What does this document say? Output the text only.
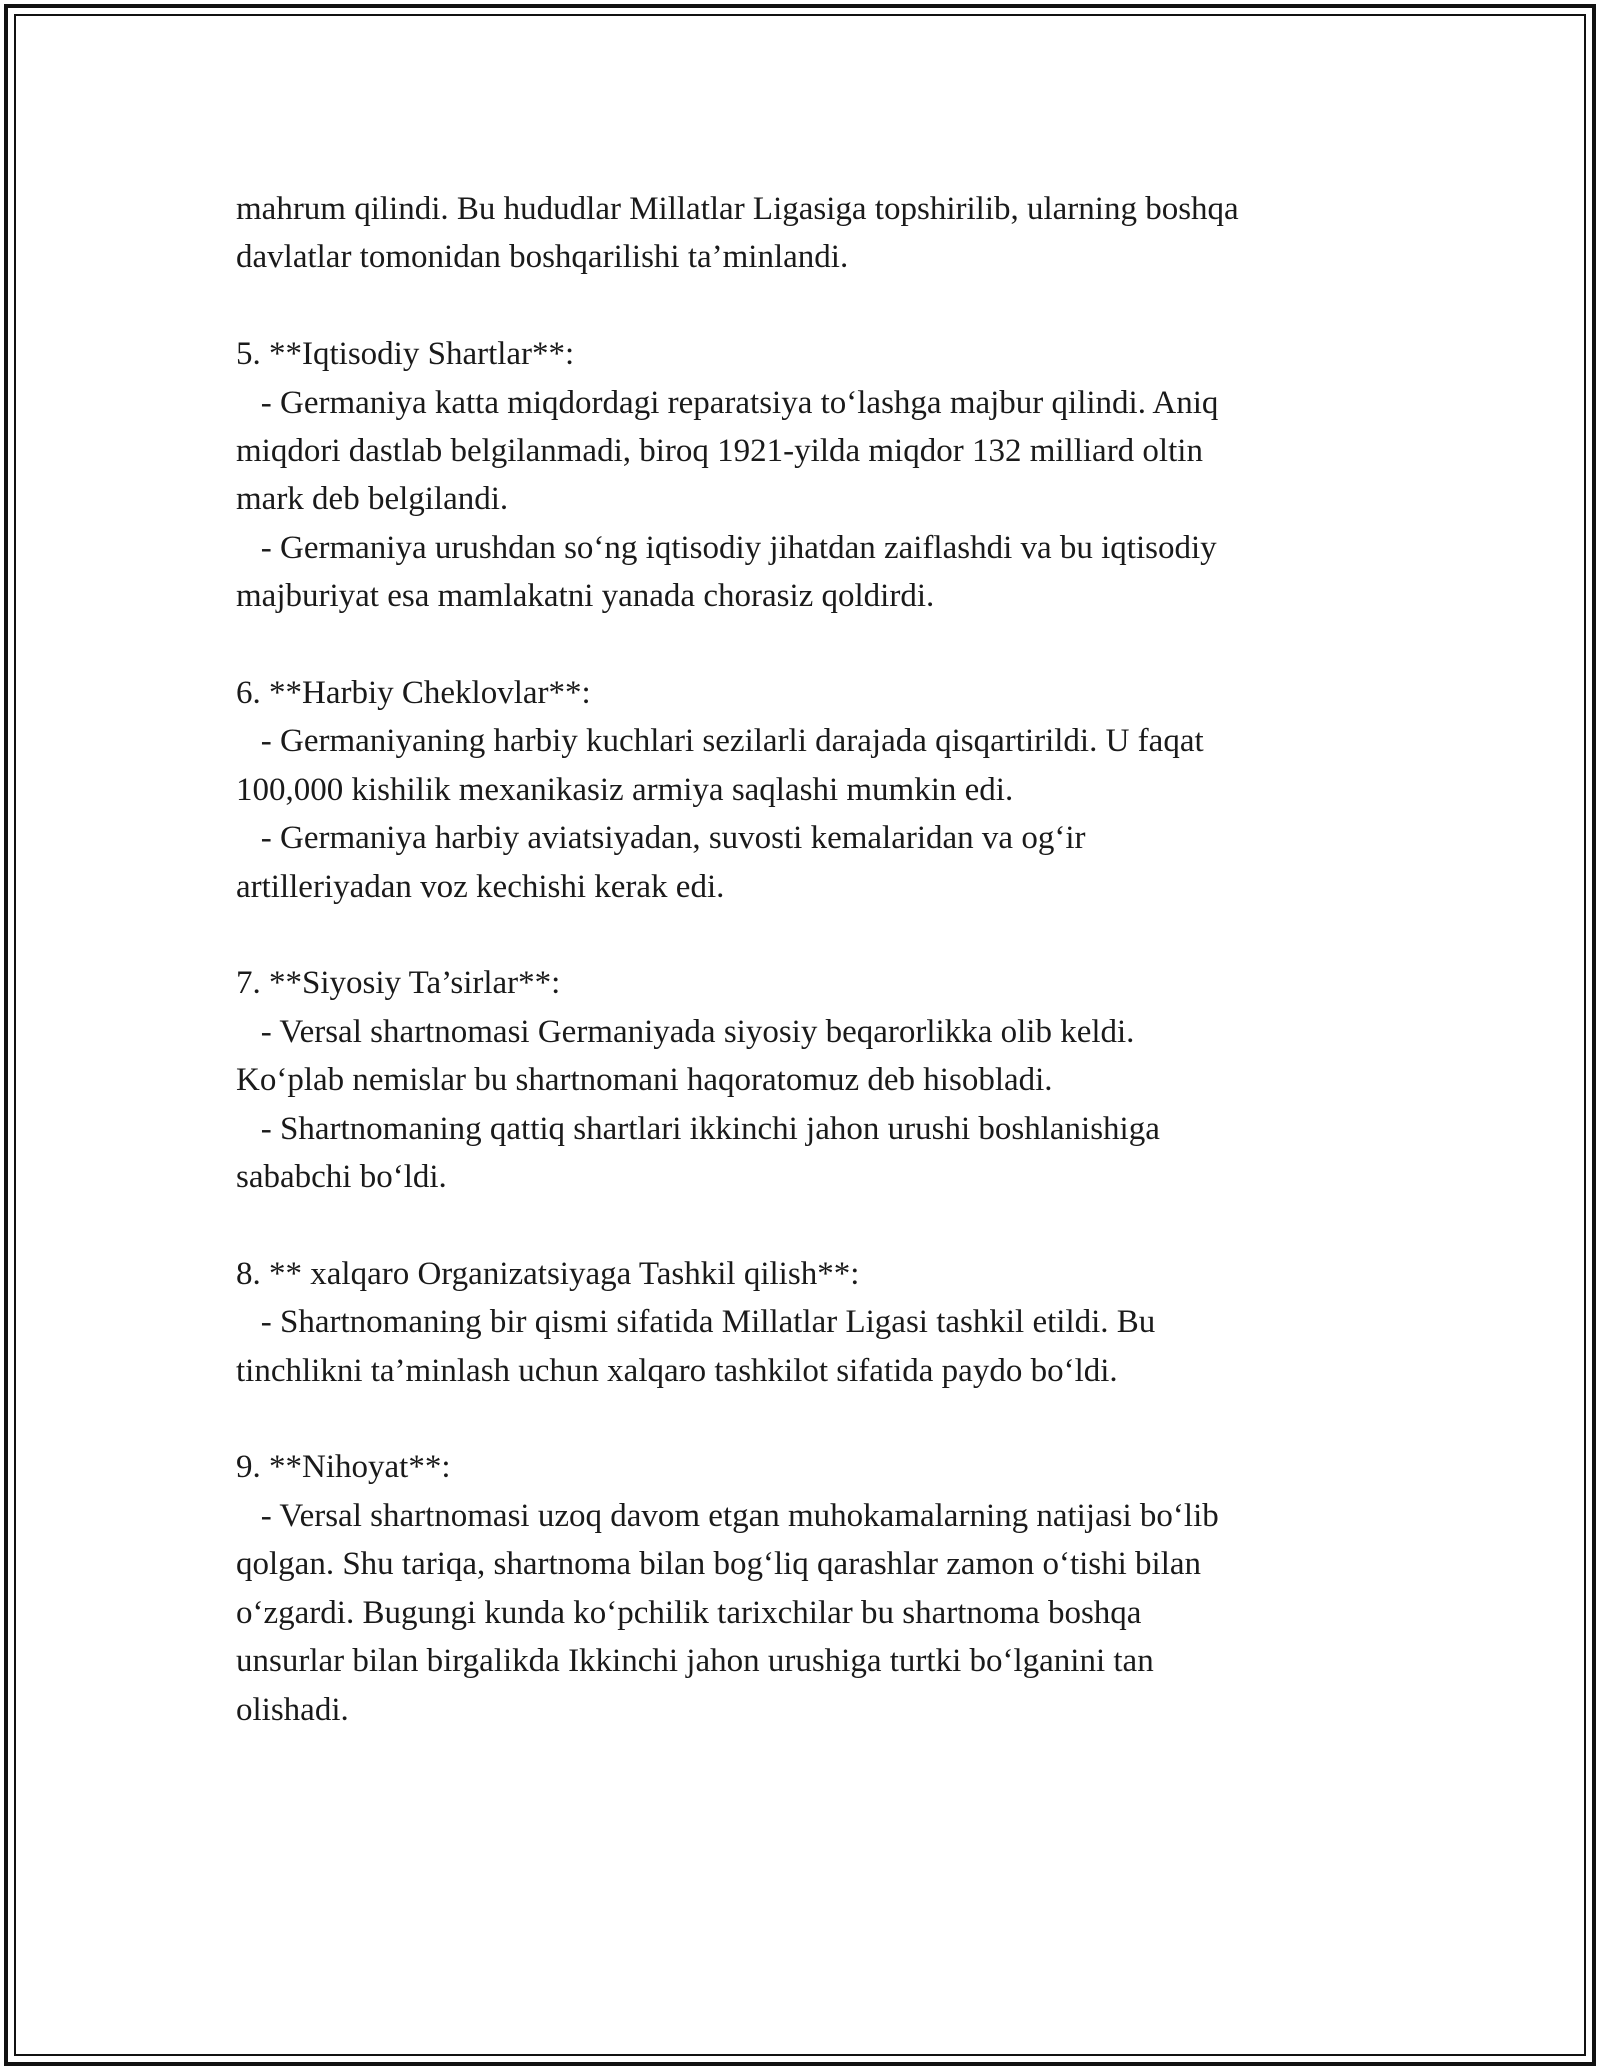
mahrum qilindi. Bu hududlar Millatlar Ligasiga topshirilib, ularning boshqa

davlatlar tomonidan boshqarilishi ta’minlandi.

5. **Iqtisodiy Shartlar**:

- Germaniya katta miqdordagi reparatsiya to‘lashga majbur qilindi. Aniq

miqdori dastlab belgilanmadi, biroq 1921-yilda miqdor 132 milliard oltin

mark deb belgilandi.

- Germaniya urushdan so‘ng iqtisodiy jihatdan zaiflashdi va bu iqtisodiy

majburiyat esa mamlakatni yanada chorasiz qoldirdi.

6. **Harbiy Cheklovlar**:

- Germaniyaning harbiy kuchlari sezilarli darajada qisqartirildi. U faqat

100,000 kishilik mexanikasiz armiya saqlashi mumkin edi.

- Germaniya harbiy aviatsiyadan, suvosti kemalaridan va og‘ir

artilleriyadan voz kechishi kerak edi.

7. **Siyosiy Ta’sirlar**:

- Versal shartnomasi Germaniyada siyosiy beqarorlikka olib keldi.

Ko‘plab nemislar bu shartnomani haqoratomuz deb hisobladi.

- Shartnomaning qattiq shartlari ikkinchi jahon urushi boshlanishiga

sababchi bo‘ldi.

8. ** xalqaro Organizatsiyaga Tashkil qilish**:

- Shartnomaning bir qismi sifatida Millatlar Ligasi tashkil etildi. Bu

tinchlikni ta’minlash uchun xalqaro tashkilot sifatida paydo bo‘ldi.

9. **Nihoyat**:

- Versal shartnomasi uzoq davom etgan muhokamalarning natijasi bo‘lib

qolgan. Shu tariqa, shartnoma bilan bog‘liq qarashlar zamon o‘tishi bilan

o‘zgardi. Bugungi kunda ko‘pchilik tarixchilar bu shartnoma boshqa

unsurlar bilan birgalikda Ikkinchi jahon urushiga turtki bo‘lganini tan

olishadi.
